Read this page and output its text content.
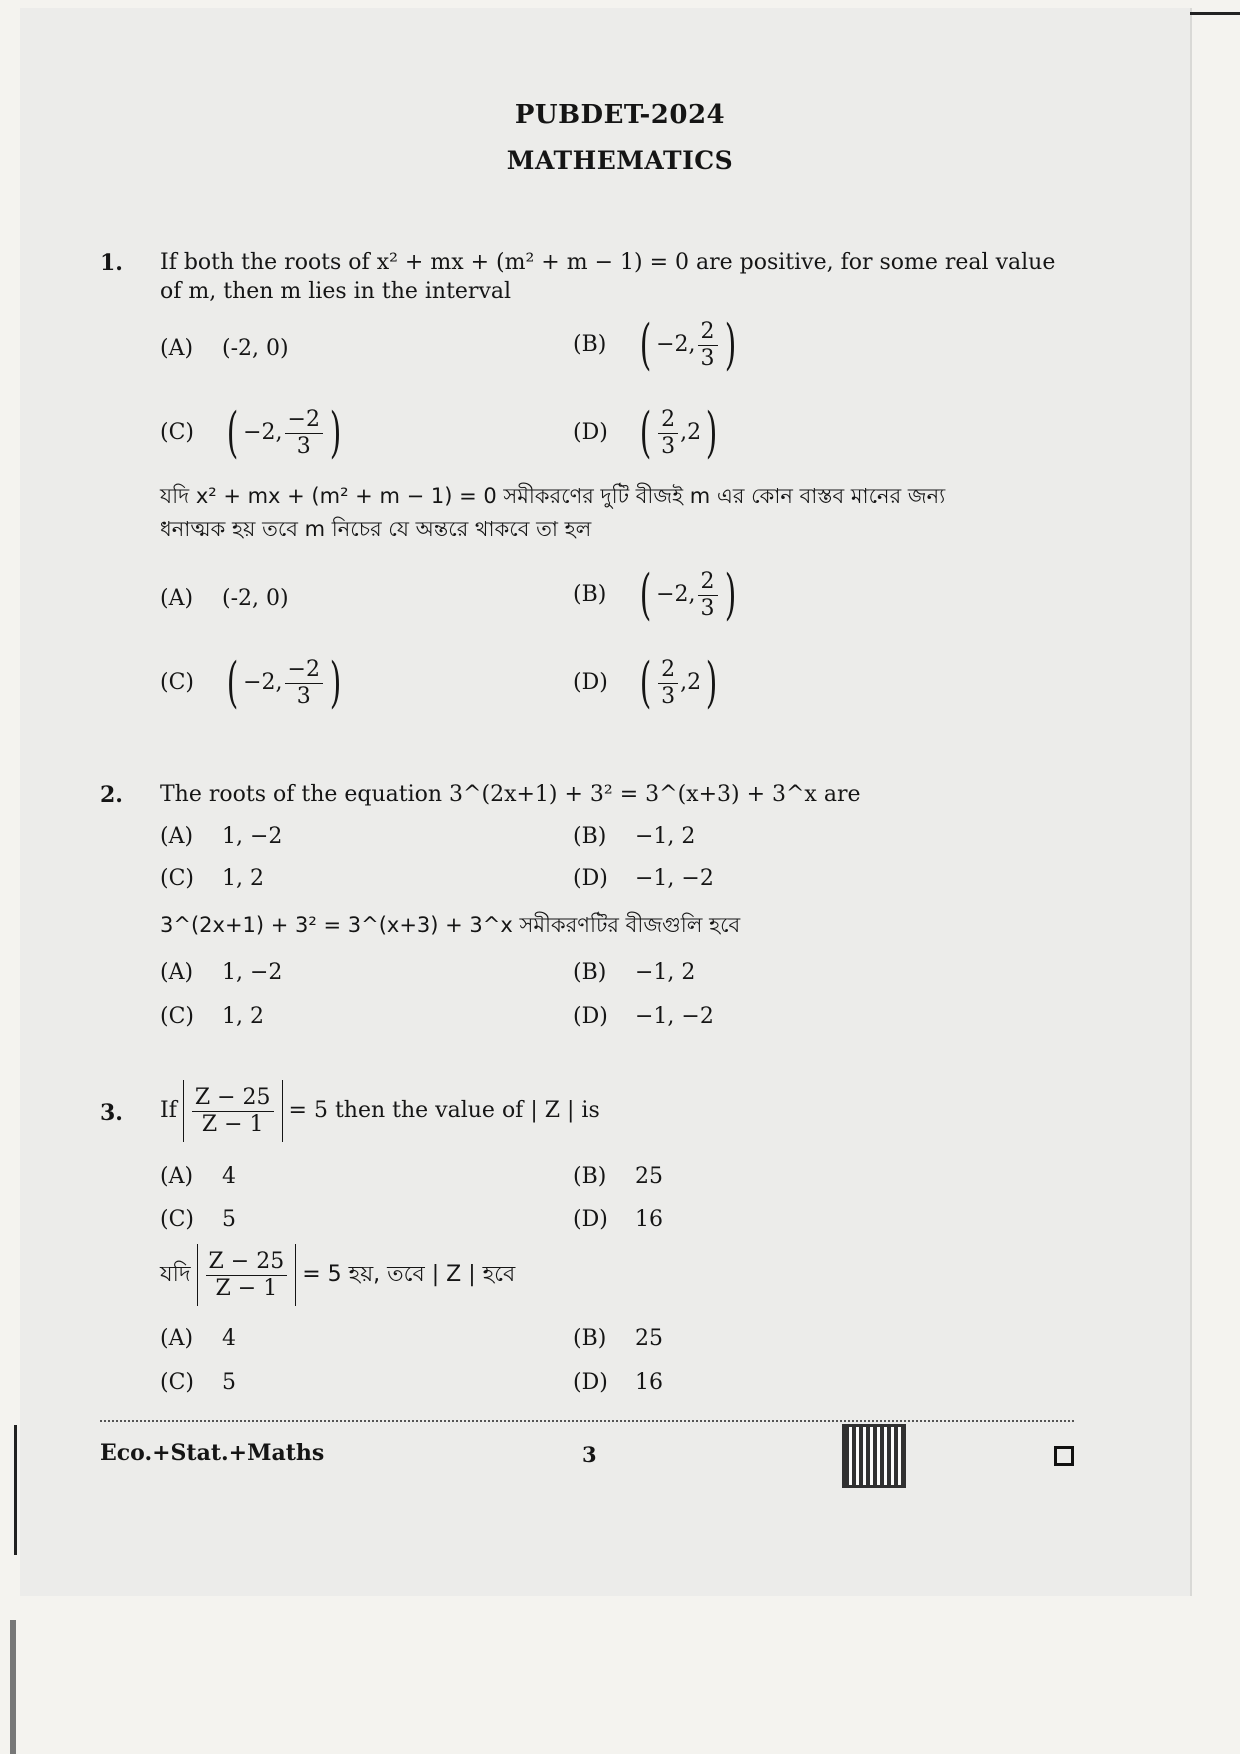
PUBDET-2024
MATHEMATICS
1. If both the roots of x² + mx + (m² + m − 1) = 0 are positive, for some real value
of m, then m lies in the interval
(A)	(-2, 0)	(B) ( −2, $\frac{2}{3}$ )
(C) ( −2, $\frac{-2}{3}$ )	(D) ( $\frac{2}{3} ,2$ )
যদি x² + mx + (m² + m − 1) = 0 সমীকরণের দুটি বীজই m এর কোন বাস্তব মানের জন্য
ধনাত্মক হয় তবে m নিচের যে অন্তরে থাকবে তা হল
(A)	(-2, 0)	(B) ( −2, $\frac{2}{3}$ )
(C) ( −2, $\frac{-2}{3}$ )	(D) ( $\frac{2}{3} ,2$ )
2. The roots of the equation 3^(2x+1) + 3² = 3^(x+3) + 3^x are
(A)	1, −2	(B)	−1, 2
(C)	1, 2	(D)	−1, −2
3^(2x+1) + 3² = 3^(x+3) + 3^x সমীকরণটির বীজগুলি হবে
(A)	1, −2	(B)	−1, 2
(C)	1, 2	(D)	−1, −2
3. If $\frac{Z - 25}{Z - 1} = 5$ then the value of | Z | is
(A)	4	(B)	25
(C)	5	(D)	16
যদি $\frac{Z - 25}{Z - 1} = 5$ হয়, তবে | Z | হবে
(A)	4	(B)	25
(C)	5	(D)	16
Eco.+Stat.+Maths	3
